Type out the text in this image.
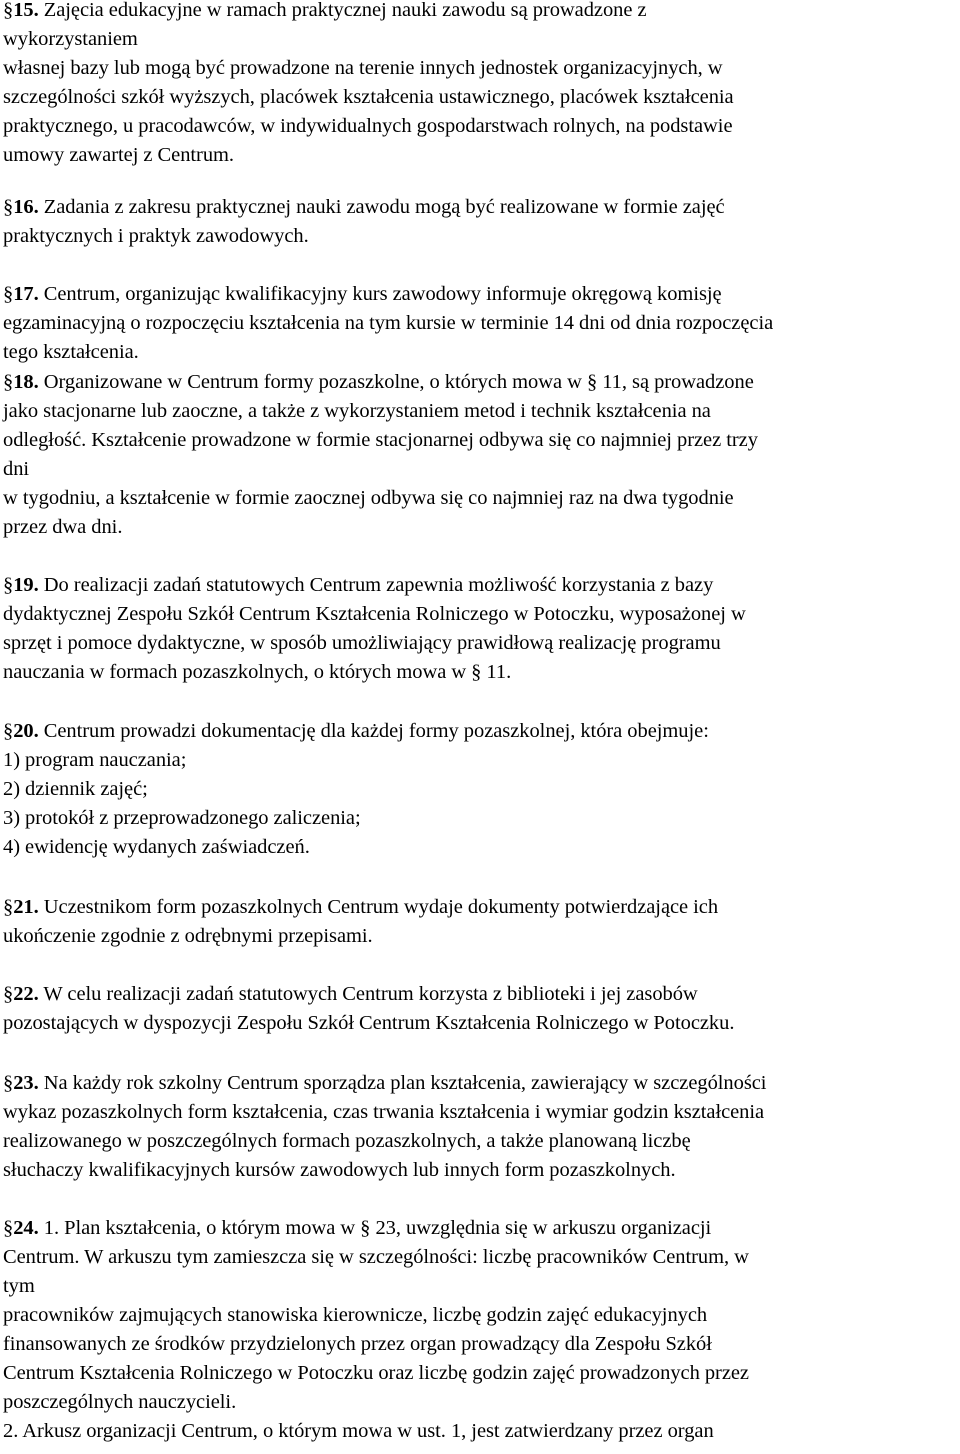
§15. Zajęcia edukacyjne w ramach praktycznej nauki zawodu są prowadzone z
wykorzystaniem
własnej bazy lub mogą być prowadzone na terenie innych jednostek organizacyjnych, w
szczególności szkół wyższych, placówek kształcenia ustawicznego, placówek kształcenia
praktycznego, u pracodawców, w indywidualnych gospodarstwach rolnych, na podstawie
umowy zawartej z Centrum.
§16. Zadania z zakresu praktycznej nauki zawodu mogą być realizowane w formie zajęć
praktycznych i praktyk zawodowych.
§17. Centrum, organizując kwalifikacyjny kurs zawodowy informuje okręgową komisję
egzaminacyjną o rozpoczęciu kształcenia na tym kursie w terminie 14 dni od dnia rozpoczęcia
tego kształcenia.
§18. Organizowane w Centrum formy pozaszkolne, o których mowa w § 11, są prowadzone
jako stacjonarne lub zaoczne, a także z wykorzystaniem metod i technik kształcenia na
odległość. Kształcenie prowadzone w formie stacjonarnej odbywa się co najmniej przez trzy
dni
w tygodniu, a kształcenie w formie zaocznej odbywa się co najmniej raz na dwa tygodnie
przez dwa dni.
§19. Do realizacji zadań statutowych Centrum zapewnia możliwość korzystania z bazy
dydaktycznej Zespołu Szkół Centrum Kształcenia Rolniczego w Potoczku, wyposażonej w
sprzęt i pomoce dydaktyczne, w sposób umożliwiający prawidłową realizację programu
nauczania w formach pozaszkolnych, o których mowa w § 11.
§20. Centrum prowadzi dokumentację dla każdej formy pozaszkolnej, która obejmuje:
1) program nauczania;
2) dziennik zajęć;
3) protokół z przeprowadzonego zaliczenia;
4) ewidencję wydanych zaświadczeń.
§21. Uczestnikom form pozaszkolnych Centrum wydaje dokumenty potwierdzające ich
ukończenie zgodnie z odrębnymi przepisami.
§22. W celu realizacji zadań statutowych Centrum korzysta z biblioteki i jej zasobów
pozostających w dyspozycji Zespołu Szkół Centrum Kształcenia Rolniczego w Potoczku.
§23. Na każdy rok szkolny Centrum sporządza plan kształcenia, zawierający w szczególności
wykaz pozaszkolnych form kształcenia, czas trwania kształcenia i wymiar godzin kształcenia
realizowanego w poszczególnych formach pozaszkolnych, a także planowaną liczbę
słuchaczy kwalifikacyjnych kursów zawodowych lub innych form pozaszkolnych.
§24. 1. Plan kształcenia, o którym mowa w § 23, uwzględnia się w arkuszu organizacji
Centrum. W arkuszu tym zamieszcza się w szczególności: liczbę pracowników Centrum, w
tym
pracowników zajmujących stanowiska kierownicze, liczbę godzin zajęć edukacyjnych
finansowanych ze środków przydzielonych przez organ prowadzący dla Zespołu Szkół
Centrum Kształcenia Rolniczego w Potoczku oraz liczbę godzin zajęć prowadzonych przez
poszczególnych nauczycieli.
2. Arkusz organizacji Centrum, o którym mowa w ust. 1, jest zatwierdzany przez organ
